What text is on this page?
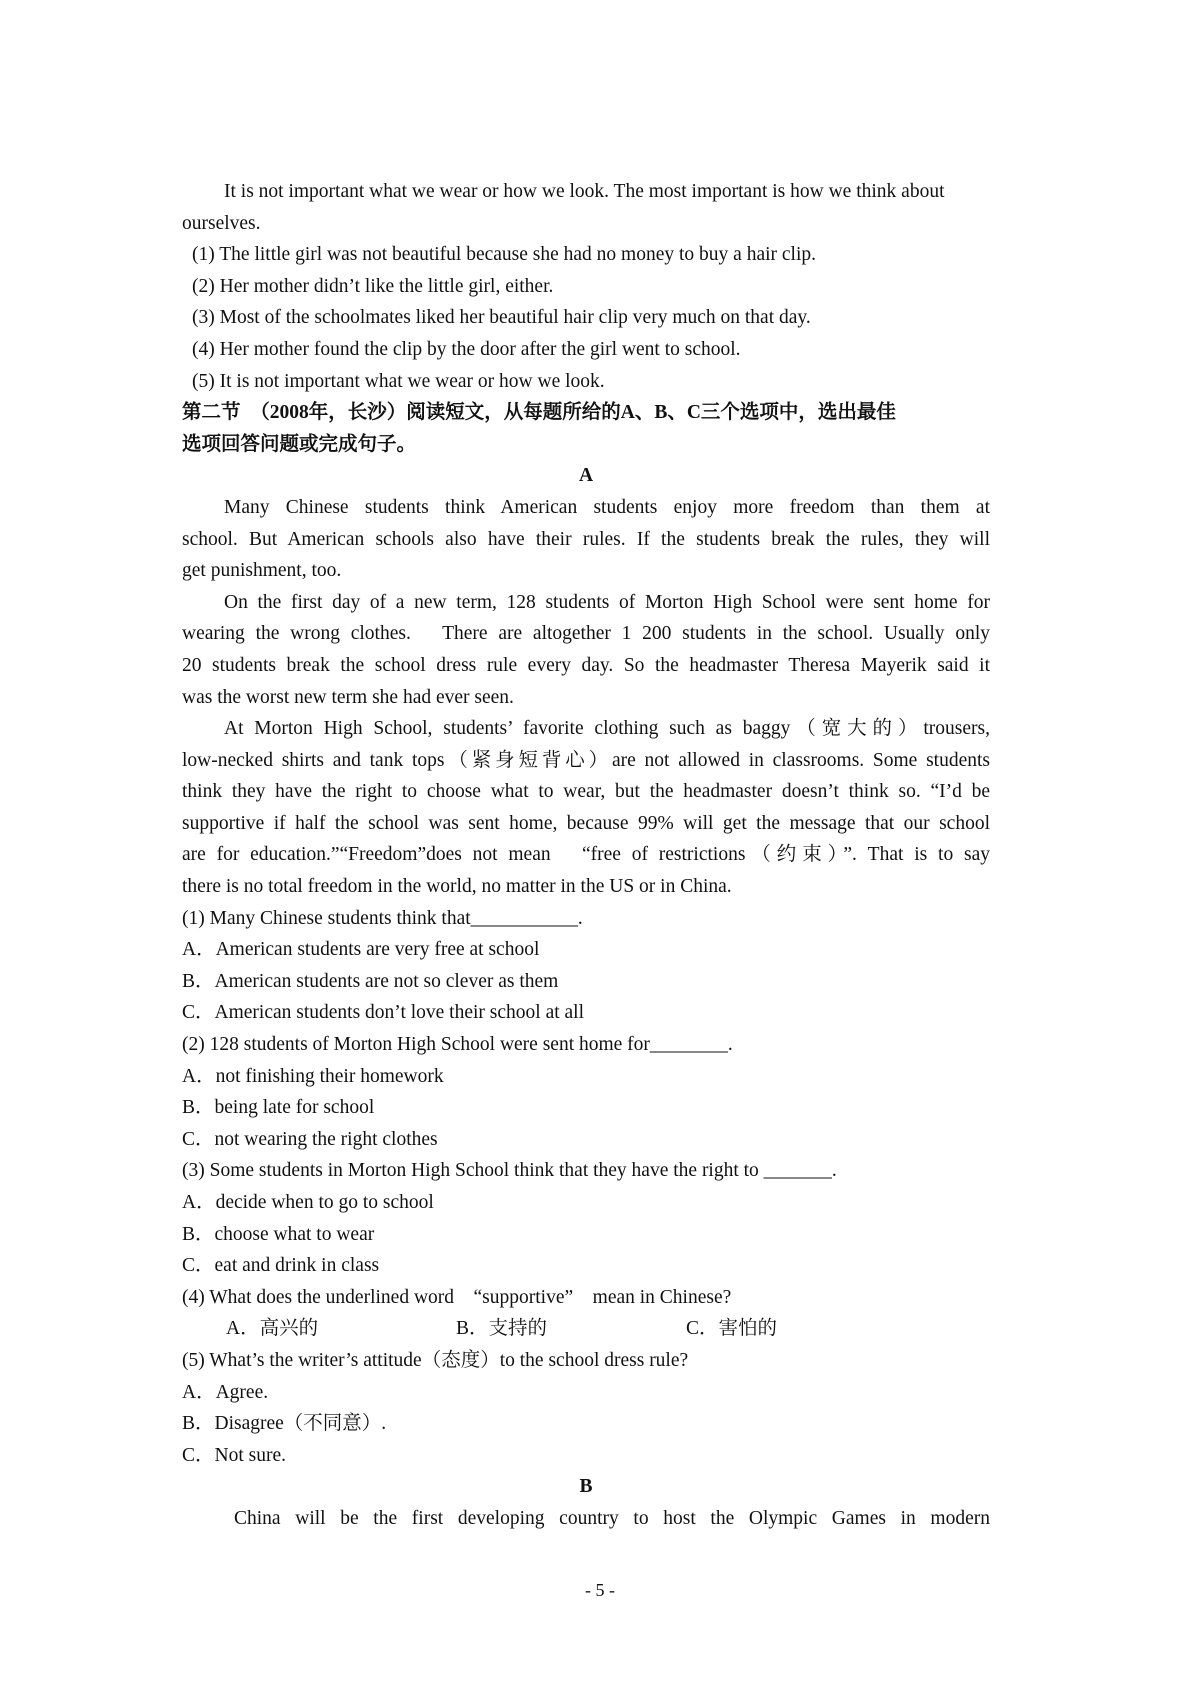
It is not important what we wear or how we look. The most important is how we think about
ourselves.
(1) The little girl was not beautiful because she had no money to buy a hair clip.
(2) Her mother didn’t like the little girl, either.
(3) Most of the schoolmates liked her beautiful hair clip very much on that day.
(4) Her mother found the clip by the door after the girl went to school.
(5) It is not important what we wear or how we look.
第二节　（2008年，长沙）阅读短文，从每题所给的A、B、C三个选项中，选出最佳
选项回答问题或完成句子。
A
Many Chinese students think American students enjoy more freedom than them at
school. But American schools also have their rules. If the students break the rules, they will
get punishment, too.
On the first day of a new term, 128 students of Morton High School were sent home for
wearing the wrong clothes.　There are altogether 1 200 students in the school. Usually only
20 students break the school dress rule every day. So the headmaster Theresa Mayerik said it
was the worst new term she had ever seen.
At Morton High School, students’ favorite clothing such as baggy（宽大的）trousers,
low-necked shirts and tank tops（紧身短背心）are not allowed in classrooms. Some students
think they have the right to choose what to wear, but the headmaster doesn’t think so. “I’d be
supportive if half the school was sent home, because 99% will get the message that our school
are for education.”“Freedom”does not mean　“free of restrictions（约束）”. That is to say
there is no total freedom in the world, no matter in the US or in China.
(1) Many Chinese students think that___________.
A．American students are very free at school
B．American students are not so clever as them
C．American students don’t love their school at all
(2) 128 students of Morton High School were sent home for________.
A．not finishing their homework
B．being late for school
C．not wearing the right clothes
(3) Some students in Morton High School think that they have the right to _______.
A．decide when to go to school
B．choose what to wear
C．eat and drink in class
(4) What does the underlined word　“supportive”　mean in Chinese?
A．高兴的	B．支持的	C．害怕的
(5) What’s the writer’s attitude（态度）to the school dress rule?
A．Agree.
B．Disagree（不同意）.
C．Not sure.
B
China will be the first developing country to host the Olympic Games in modern
- 5 -
